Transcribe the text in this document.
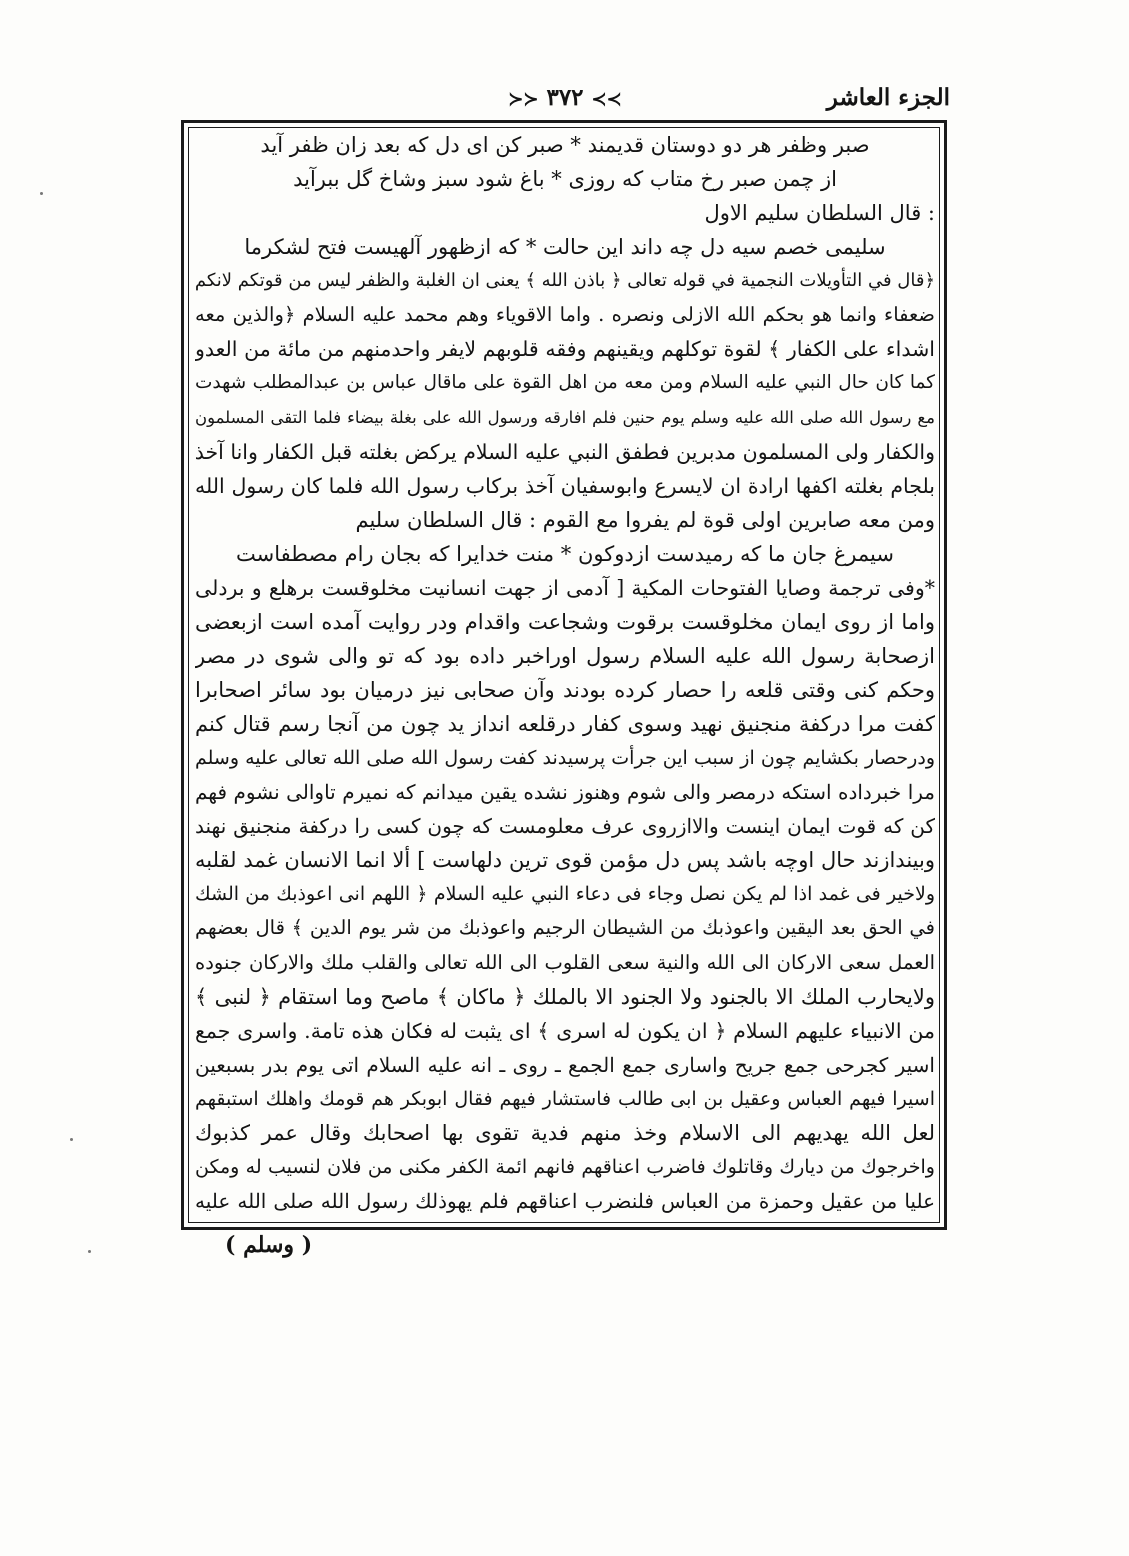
الجزء العاشر
≻≻ ٣٧٢ ≺≺
صبر وظفر هر دو دوستان قديمند * صبر كن اى دل كه بعد زان ظفر آيد
از چمن صبر رخ متاب كه روزى * باغ شود سبز وشاخ گل ببرآيد
: قال السلطان سليم الاول
سليمى خصم سيه دل چه داند اين حالت * كه ازظهور آلهيست فتح لشكرما
﴿قال في التأويلات النجمية في قوله تعالى ﴿ باذن الله ﴾ يعنى ان الغلبة والظفر ليس من قوتكم لانكم
ضعفاء وانما هو بحكم الله الازلى ونصره . واما الاقوياء وهم محمد عليه السلام ﴿والذين معه
اشداء على الكفار ﴾ لقوة توكلهم ويقينهم وفقه قلوبهم لايفر واحدمنهم من مائة من العدو
كما كان حال النبي عليه السلام ومن معه من اهل القوة على ماقال عباس بن عبدالمطلب شهدت
مع رسول الله صلى الله عليه وسلم يوم حنين فلم افارقه ورسول الله على بغلة بيضاء فلما التقى المسلمون
والكفار ولى المسلمون مدبرين فطفق النبي عليه السلام يركض بغلته قبل الكفار وانا آخذ
بلجام بغلته اكفها ارادة ان لايسرع وابوسفيان آخذ بركاب رسول الله فلما كان رسول الله
ومن معه صابرين اولى قوة لم يفروا مع القوم : قال السلطان سليم
سيمرغ جان ما كه رميدست ازدوكون * منت خدايرا كه بجان رام مصطفاست
*وفى ترجمة وصايا الفتوحات المكية [ آدمى از جهت انسانيت مخلوقست برهلع و بردلى
واما از روى ايمان مخلوقست برقوت وشجاعت واقدام ودر روايت آمده است ازبعضى
ازصحابة رسول الله عليه السلام رسول اوراخبر داده بود كه تو والى شوى در مصر
وحكم كنى وقتى قلعه را حصار كرده بودند وآن صحابى نيز درميان بود سائر اصحابرا
كفت مرا دركفة منجنيق نهيد وسوى كفار درقلعه انداز يد چون من آنجا رسم قتال كنم
ودرحصار بكشايم چون از سبب اين جرأت پرسيدند كفت رسول الله صلى الله تعالى عليه وسلم
مرا خبرداده استكه درمصر والى شوم وهنوز نشده يقين ميدانم كه نميرم تاوالى نشوم فهم
كن كه قوت ايمان اينست والاازروى عرف معلومست كه چون كسى را دركفة منجنيق نهند
وبيندازند حال اوچه باشد پس دل مؤمن قوى ترين دلهاست ] ألا انما الانسان غمد لقلبه
ولاخير فى غمد اذا لم يكن نصل وجاء فى دعاء النبي عليه السلام ﴿ اللهم انى اعوذبك من الشك
في الحق بعد اليقين واعوذبك من الشيطان الرجيم واعوذبك من شر يوم الدين ﴾ قال بعضهم
العمل سعى الاركان الى الله والنية سعى القلوب الى الله تعالى والقلب ملك والاركان جنوده
ولايحارب الملك الا بالجنود ولا الجنود الا بالملك ﴿ ماكان ﴾ ماصح وما استقام ﴿ لنبى ﴾
من الانبياء عليهم السلام ﴿ ان يكون له اسرى ﴾ اى يثبت له فكان هذه تامة. واسرى جمع
اسير كجرحى جمع جريح واسارى جمع الجمع ـ روى ـ انه عليه السلام اتى يوم بدر بسبعين
اسيرا فيهم العباس وعقيل بن ابى طالب فاستشار فيهم فقال ابوبكر هم قومك واهلك استبقهم
لعل الله يهديهم الى الاسلام وخذ منهم فدية تقوى بها اصحابك وقال عمر كذبوك
واخرجوك من ديارك وقاتلوك فاضرب اعناقهم فانهم ائمة الكفر مكنى من فلان لنسيب له ومكن
عليا من عقيل وحمزة من العباس فلنضرب اعناقهم فلم يهوذلك رسول الله صلى الله عليه
( وسلم )
